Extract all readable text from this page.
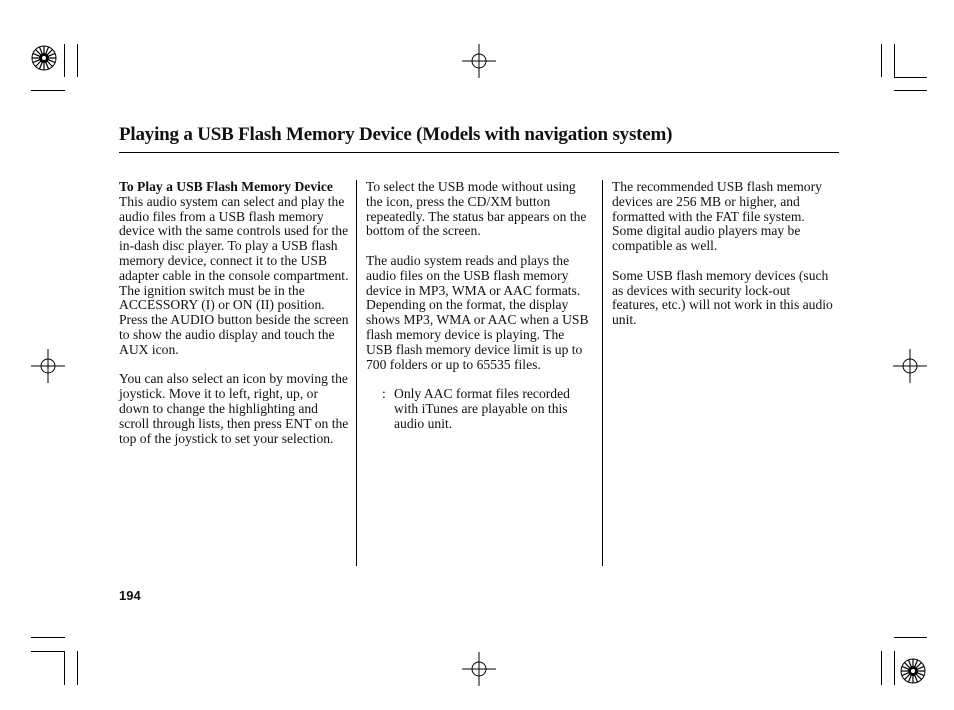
Playing a USB Flash Memory Device (Models with navigation system)

To Play a USB Flash Memory Device

This audio system can select and play the audio files from a USB flash memory device with the same controls used for the in-dash disc player. To play a USB flash memory device, connect it to the USB adapter cable in the console compartment. The ignition switch must be in the ACCESSORY (I) or ON (II) position. Press the AUDIO button beside the screen to show the audio display and touch the AUX icon.

You can also select an icon by moving the joystick. Move it to left, right, up, or down to change the highlighting and scroll through lists, then press ENT on the top of the joystick to set your selection.

To select the USB mode without using the icon, press the CD/XM button repeatedly. The status bar appears on the bottom of the screen.

The audio system reads and plays the audio files on the USB flash memory device in MP3, WMA or AAC formats. Depending on the format, the display shows MP3, WMA or AAC when a USB flash memory device is playing. The USB flash memory device limit is up to 700 folders or up to 65535 files.

: Only AAC format files recorded with iTunes are playable on this audio unit.

The recommended USB flash memory devices are 256 MB or higher, and formatted with the FAT file system. Some digital audio players may be compatible as well.

Some USB flash memory devices (such as devices with security lock-out features, etc.) will not work in this audio unit.

194
